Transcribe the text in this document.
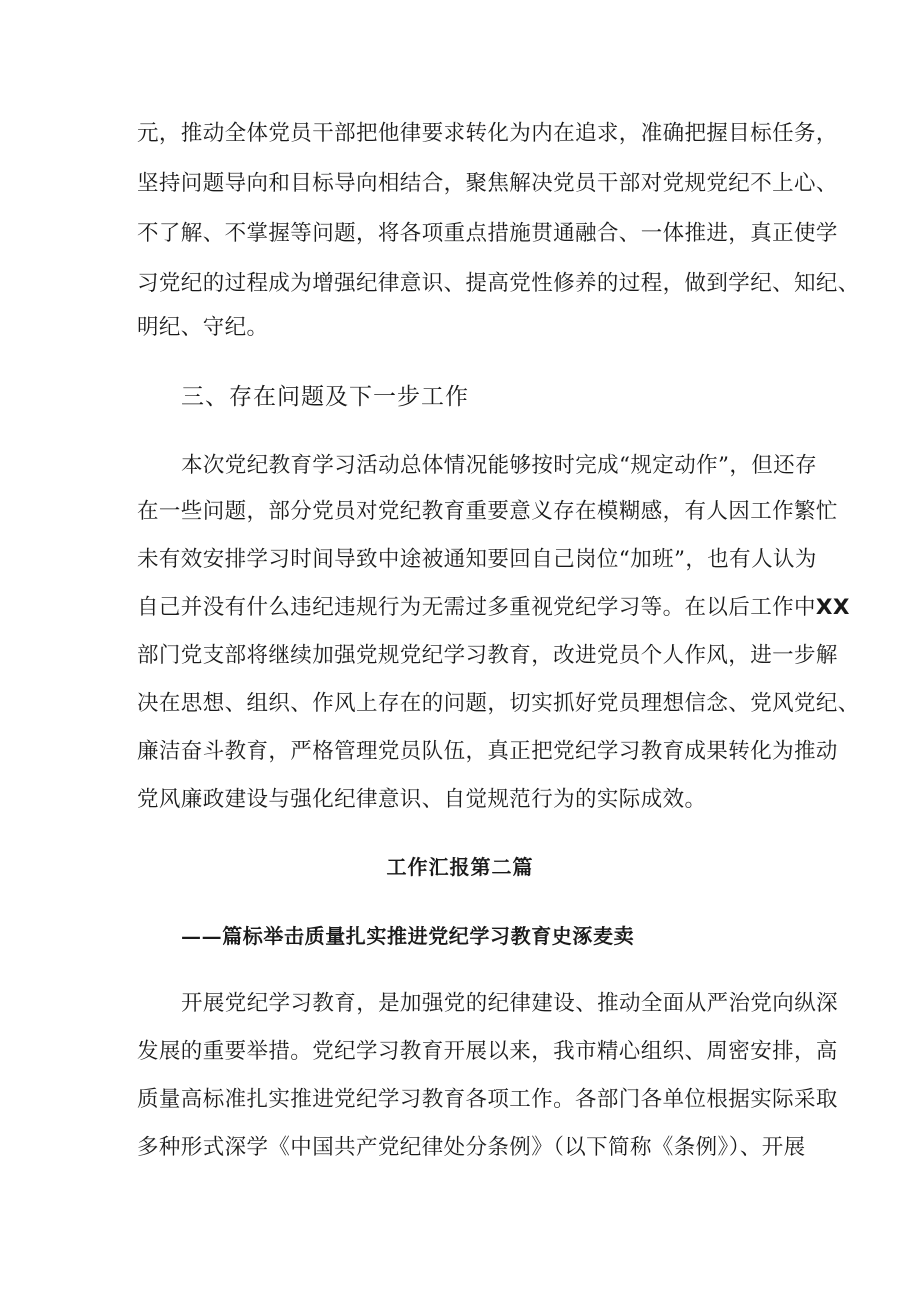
元，推动全体党员干部把他律要求转化为内在追求，准确把握目标任务，
坚持问题导向和目标导向相结合，聚焦解决党员干部对党规党纪不上心、
不了解、不掌握等问题，将各项重点措施贯通融合、一体推进，真正使学
习党纪的过程成为增强纪律意识、提高党性修养的过程，做到学纪、知纪、
明纪、守纪。
三、存在问题及下一步工作
本次党纪教育学习活动总体情况能够按时完成“规定动作”，但还存
在一些问题，部分党员对党纪教育重要意义存在模糊感，有人因工作繁忙
未有效安排学习时间导致中途被通知要回自己岗位“加班”，也有人认为
自己并没有什么违纪违规行为无需过多重视党纪学习等。在以后工作中XX
部门党支部将继续加强党规党纪学习教育，改进党员个人作风，进一步解
决在思想、组织、作风上存在的问题，切实抓好党员理想信念、党风党纪、
廉洁奋斗教育，严格管理党员队伍，真正把党纪学习教育成果转化为推动
党风廉政建设与强化纪律意识、自觉规范行为的实际成效。
工作汇报第二篇
——篇标举击质量扎实推进党纪学习教育史涿麦卖
开展党纪学习教育，是加强党的纪律建设、推动全面从严治党向纵深
发展的重要举措。党纪学习教育开展以来，我市精心组织、周密安排，高
质量高标准扎实推进党纪学习教育各项工作。各部门各单位根据实际采取
多种形式深学《中国共产党纪律处分条例》（以下简称《条例》）、开展
